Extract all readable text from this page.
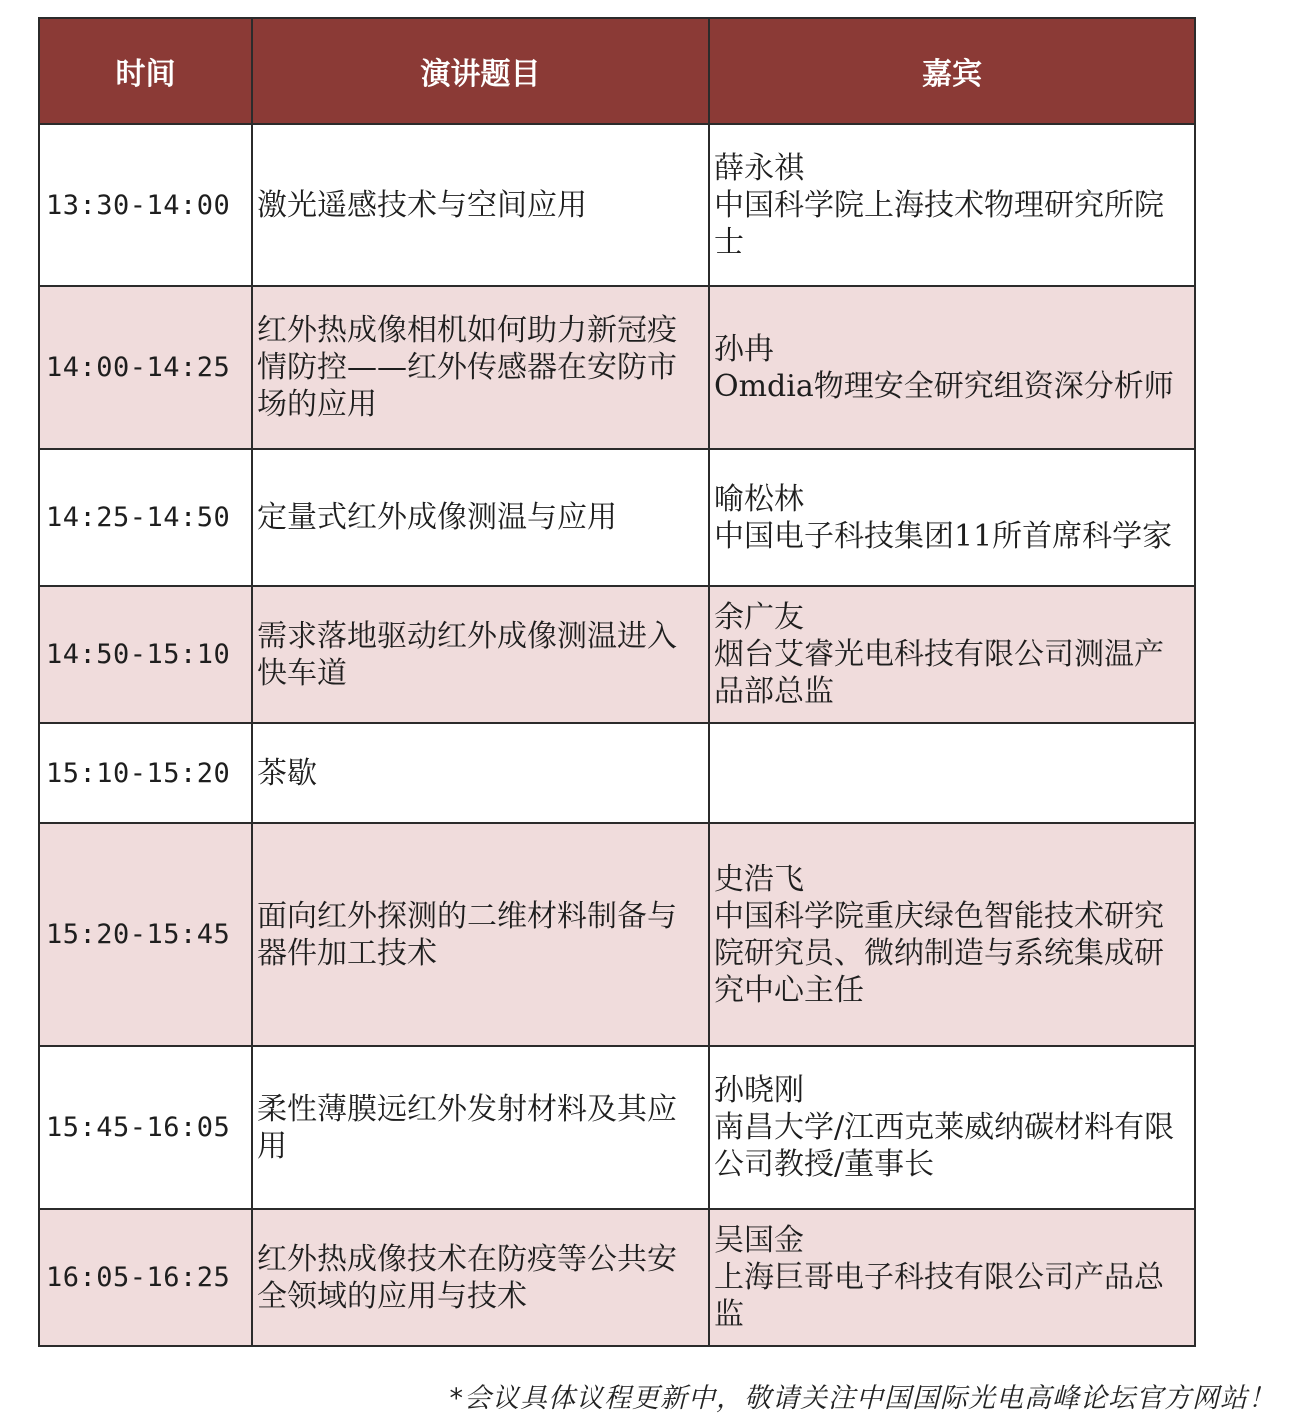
时间	演讲题目	嘉宾
13:30-14:00	激光遥感技术与空间应用	薛永祺
中国科学院上海技术物理研究所院士

14:00-14:25	红外热成像相机如何助力新冠疫情防控——红外传感器在安防市场的应用	孙冉
Omdia物理安全研究组资深分析师

14:25-14:50	定量式红外成像测温与应用	喻松林
中国电子科技集团11所首席科学家

14:50-15:10	需求落地驱动红外成像测温进入快车道	余广友
烟台艾睿光电科技有限公司测温产品部总监

15:10-15:20	茶歇	

15:20-15:45	面向红外探测的二维材料制备与器件加工技术	史浩飞
中国科学院重庆绿色智能技术研究院研究员、微纳制造与系统集成研究中心主任

15:45-16:05	柔性薄膜远红外发射材料及其应用	孙晓刚
南昌大学/江西克莱威纳碳材料有限公司教授/董事长

16:05-16:25	红外热成像技术在防疫等公共安全领域的应用与技术	吴国金
上海巨哥电子科技有限公司产品总监
*会议具体议程更新中，敬请关注中国国际光电高峰论坛官方网站！
